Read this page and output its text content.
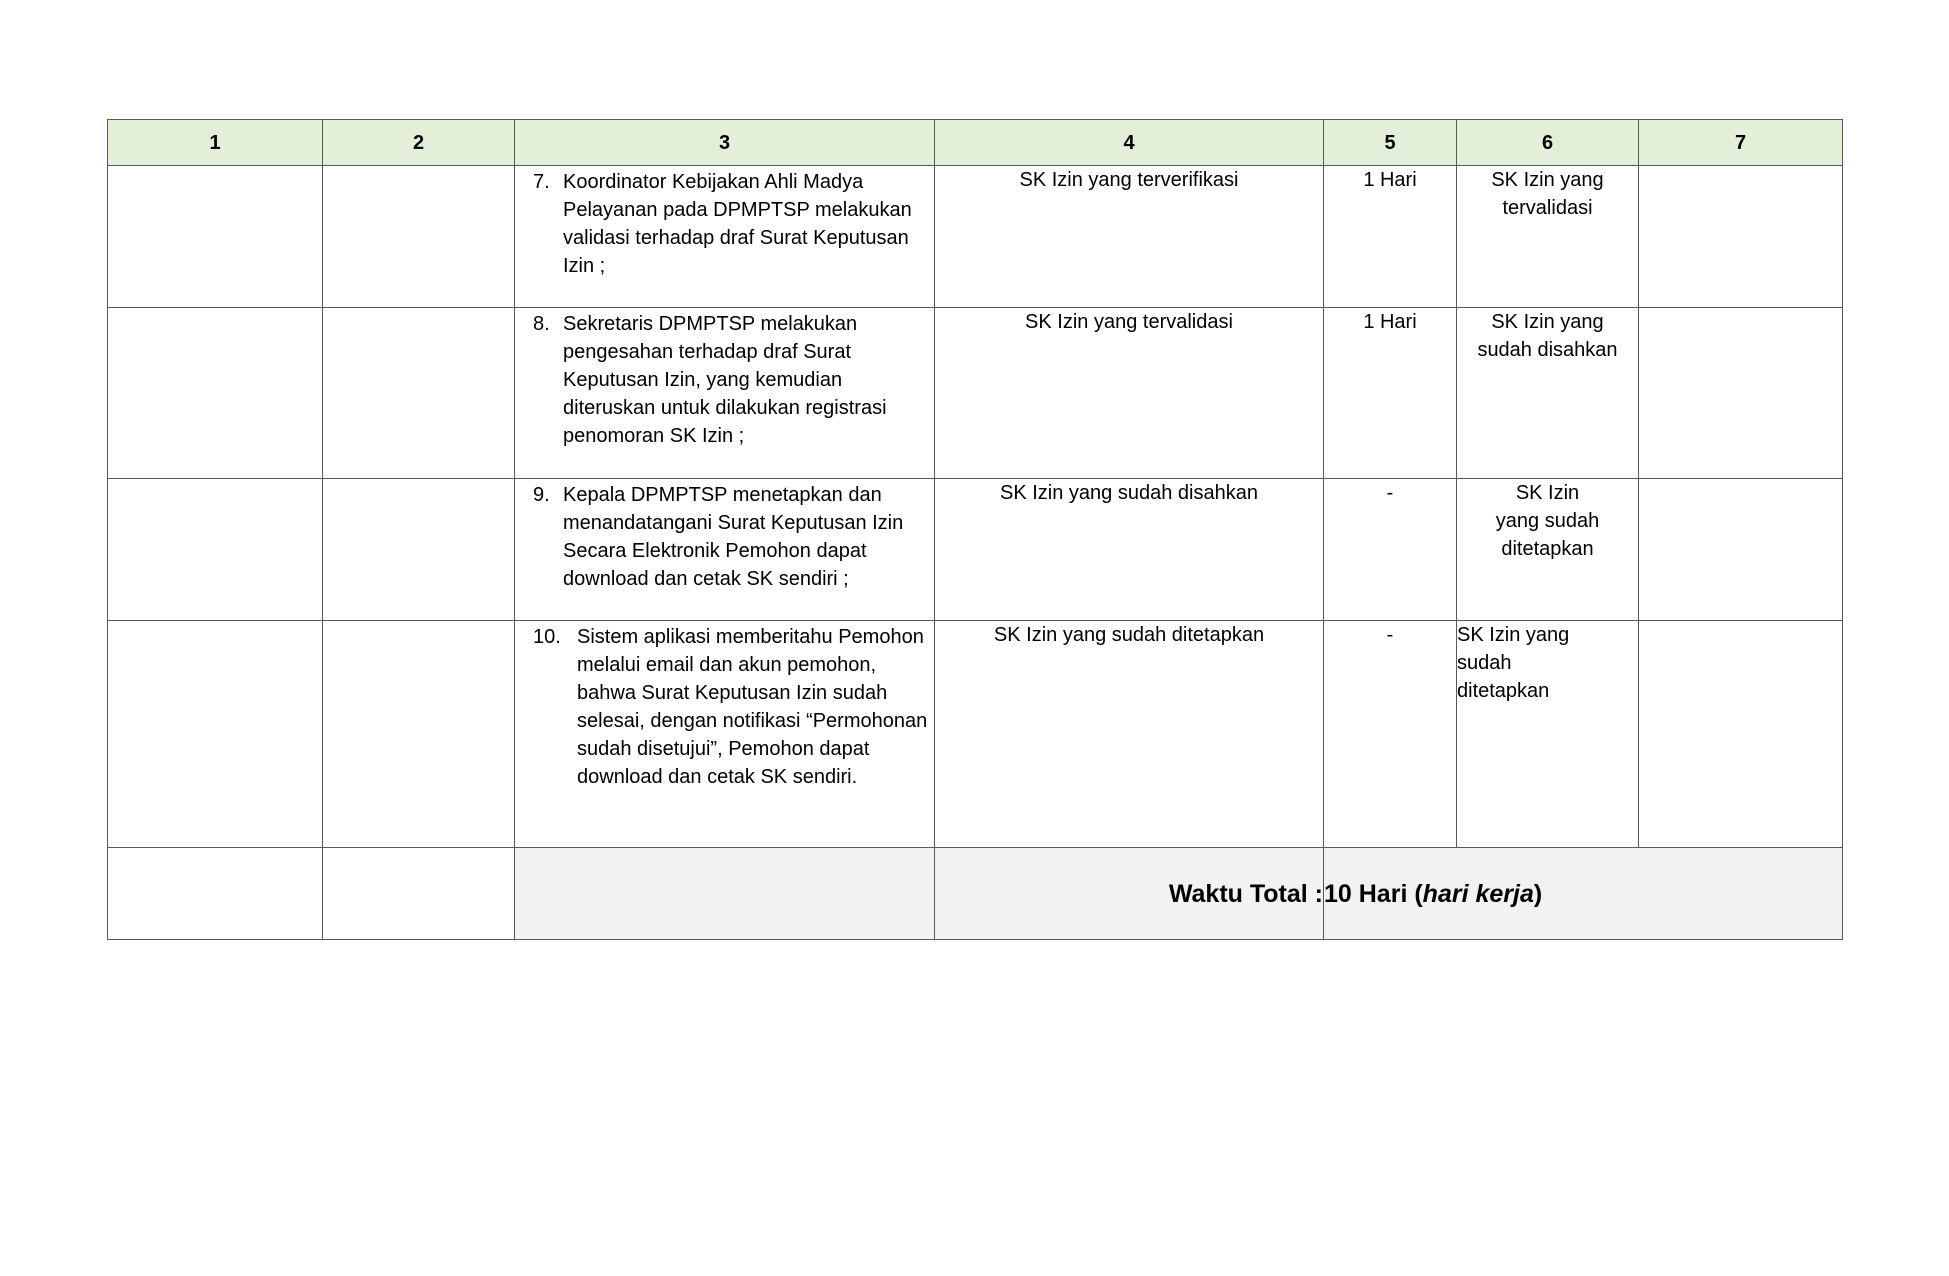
1	2	3	4	5	6	7

		7. Koordinator Kebijakan Ahli Madya Pelayanan pada DPMPTSP melakukan validasi terhadap draf Surat Keputusan Izin ;	SK Izin yang terverifikasi	1 Hari	SK Izin yang tervalidasi	

		8. Sekretaris DPMPTSP melakukan pengesahan terhadap draf Surat Keputusan Izin, yang kemudian diteruskan untuk dilakukan registrasi penomoran SK Izin ;	SK Izin yang tervalidasi	1 Hari	SK Izin yang sudah disahkan	

		9. Kepala DPMPTSP menetapkan dan menandatangani Surat Keputusan Izin Secara Elektronik Pemohon dapat download dan cetak SK sendiri ;	SK Izin yang sudah disahkan	-	SK Izin yang sudah ditetapkan	

		10. Sistem aplikasi memberitahu Pemohon melalui email dan akun pemohon, bahwa Surat Keputusan Izin sudah selesai, dengan notifikasi “Permohonan sudah disetujui”, Pemohon dapat download dan cetak SK sendiri.	SK Izin yang sudah ditetapkan	-	SK Izin yang sudah ditetapkan	
			Waktu Total :	10 Hari (hari kerja)		
